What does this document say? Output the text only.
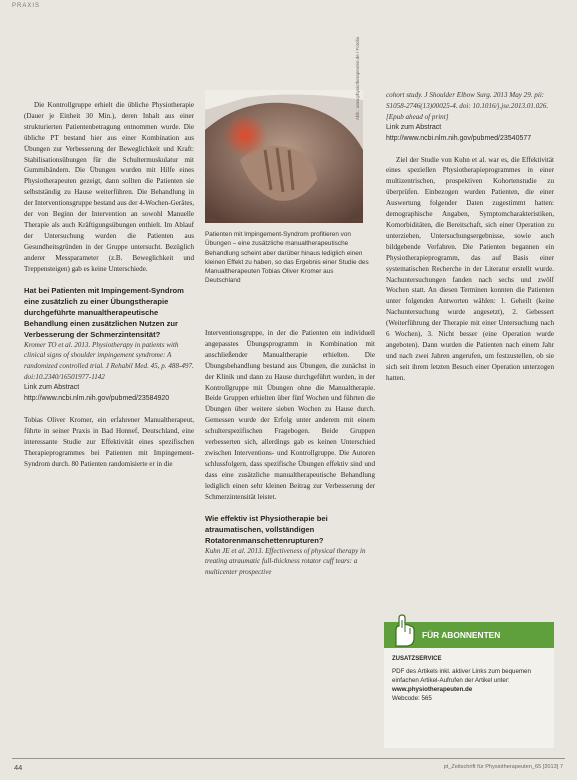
PRAXIS

Die Kontrollgruppe erhielt die übliche Physiotherapie (Dauer je Einheit 30 Min.), deren Inhalt aus einer strukturierten Patientenbetragung entnommen wurde. Die übliche PT bestand hier aus einer Kombination aus Übungen zur Verbesserung der Beweglichkeit und Kraft: Stabilisationsübungen für die Schultermuskulatur mit Gummibändern. Die Übungen wurden mit Hilfe eines Physiotherapeuten gezeigt, dann sollten die Patienten sie selbstständig zu Hause weiterführen. Die Behandlung in der Interventionsgruppe bestand aus der 4-Wochen-Gerätes, der von Beginn der Intervention an sowohl Manuelle Therapie als auch Kräftigungsübungen enthielt. Im Ablauf der Untersuchung wurden die Patienten aus Gesundheitsgründen in der Gruppe untersucht. Bezüglich anderer Messparameter (z.B. Beweglichkeit und Treppensteigen) gab es keine Unterschiede.

Hat bei Patienten mit Impingement-Syndrom eine zusätzlich zu einer Übungstherapie durchgeführte manualtherapeutische Behandlung einen zusätzlichen Nutzen zur Verbesserung der Schmerzintensität?

Kromer TO et al. 2013. Physiotherapy in patients with clinical signs of shoulder impingement syndrome: A randomized controlled trial. J Rehabil Med. 45, p. 488-497. doi:10.2340/16501977-1142

Link zum Abstract http://www.ncbi.nlm.nih.gov/pubmed/23584920

Tobias Oliver Kromer, ein erfahrener Manualtherapeut, führte in seiner Praxis in Bad Honnef, Deutschland, eine interessante Studie zur Effektivität eines spezifischen Therapieprogrammes bei Patienten mit Impingement-Syndrom durch. 80 Patienten randomisierte er in die

Abb.: www.physiotherapeuten.de / Fotolia
Patienten mit Impingement-Syndrom profitieren von Übungen – eine zusätzliche manualtherapeutische Behandlung scheint aber darüber hinaus lediglich einen kleinen Effekt zu haben, so das Ergebnis einer Studie des Manualtherapeuten Tobias Oliver Kromer aus Deutschland

Interventionsgruppe, in der die Patienten ein individuell angepasstes Übungsprogramm in Kombination mit anschließender Manualtherapie erhielten. Die Übungsbehandlung bestand aus Übungen, die zunächst in der Klinik und dann zu Hause durchgeführt wurden, in der Kontrollgruppe mit Übungen ohne die Manualtherapie. Beide Gruppen erhielten über fünf Wochen und führten die Übungen über weitere sieben Wochen zu Hause durch. Gemessen wurde der Erfolg unter anderem mit einem schulterspezifischen Fragebogen. Beide Gruppen verbesserten sich, allerdings gab es keinen Unterschied zwischen Interventions- und Kontrollgruppe. Die Autoren schlussfolgern, dass spezifische Übungen effektiv sind und dass eine zusätzliche manualtherapeutische Behandlung lediglich einen sehr kleinen Beitrag zur Verbesserung der Schmerzintensität leistet.

Wie effektiv ist Physiotherapie bei atraumatischen, vollständigen Rotatorenmanschettenrupturen?

Kuhn JE et al. 2013. Effectiveness of physical therapy in treating atraumatic full-thickness rotator cuff tears: a multicenter prospective

cohort study. J Shoulder Elbow Surg. 2013 May 29. pii: S1058-2746(13)00025-4. doi: 10.1016/j.jse.2013.01.026. [Epub ahead of print]

Link zum Abstract http://www.ncbi.nlm.nih.gov/pubmed/23540577

Ziel der Studie von Kuhn et al. war es, die Effektivität eines speziellen Physiotherapieprogrammes in einer multizentrischen, prospektiven Kohortenstudie zu überprüfen. Einbezogen wurden Patienten, die einer Auswertung folgender Daten zugestimmt hatten: demographische Angaben, Symptomcharakteristiken, Komorbiditäten, die Bereitschaft, sich einer Operation zu unterziehen, Untersuchungsergebnisse, sowie auch bildgebende Verfahren. Die Patienten begannen ein Physiotherapieprogramm, das auf Basis einer systematischen Recherche in der Literatur erstellt wurde. Nachuntersuchungen fanden nach sechs und zwölf Wochen statt. An diesen Terminen konnten die Patienten unter folgenden Antworten wählen: 1. Geheilt (keine Nachuntersuchung wurde angesetzt), 2. Gebessert (Weiterführung der Therapie mit einer Untersuchung nach 6 Wochen), 3. Nicht besser (eine Operation wurde angeboten). Dann wurden die Patienten nach einem Jahr und nach zwei Jahren angerufen, um festzustellen, ob sie sich seit ihrem letzten Besuch einer Operation unterzogen hatten.

FÜR ABONNENTEN
ZUSATZSERVICE
PDF des Artikels inkl. aktiver Links zum bequemen einfachen Artikel-Aufrufen der Artikel unter:
www.physiotherapeuten.de
Webcode: 565
44	pt_Zeitschrift für Physiotherapeuten_65 [2013] 7
